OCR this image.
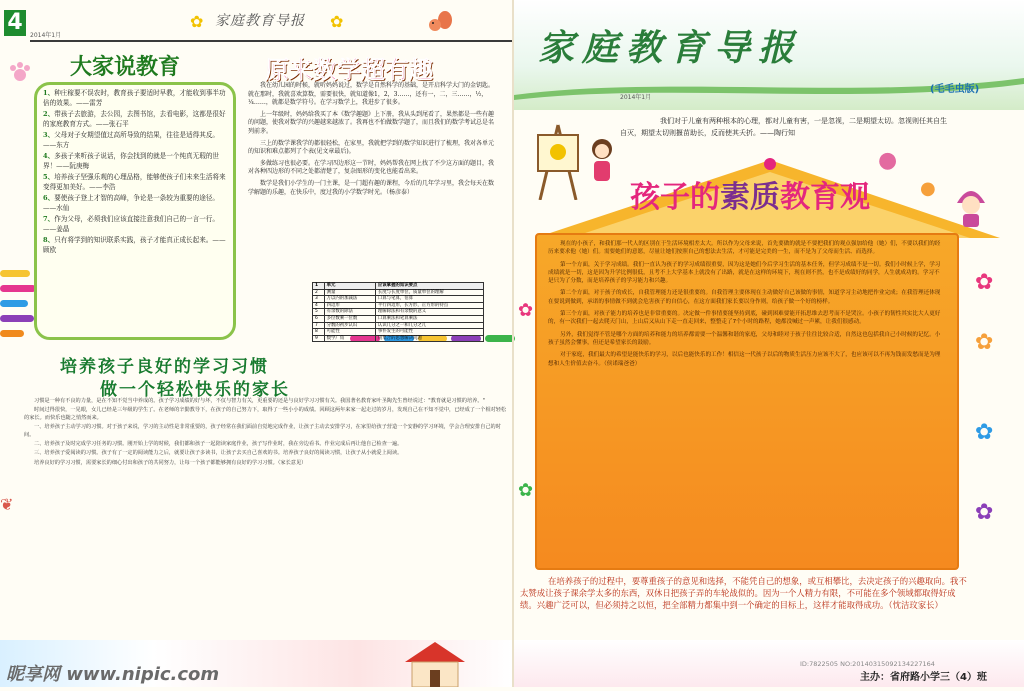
4
2014年1月
✿ 家庭教育导报 ✿
大家说教育
1、种庄稼要不误农时，教育孩子要适时早教，才能收到事半功倍的效果。——雷芳
2、带孩子去旅游，去公园，去图书馆，去看电影，这都是很好的家庭教育方式。——张石平
3、父母对子女期望值过高所导致的结果，往往是适得其反。——东方
4、多孩子来听孩子说话，你会找到的就是一个纯真无瑕的世界！——阮庚梅
5、培养孩子坚强乐观的心理品格，能够使孩子们未来生活将来变得更加美好。——李浩
6、要使孩子登上才智的高峰，争论是一条较为重要的途径。——水仙
7、作为父母，必须我们应该直接注意我们自己的一言一行。——姜晶
8、只有将学到的知识联系实践，孩子才能真正成长起来。——顾欧
原来数学超有趣

我在幼儿园的时候，就听妈妈说过，数学是自然科学的基础，是开启科学大门的金钥匙。就在那时，我就喜欢算数，需要很快，就知道像1，2，3……，还有一，二，三……，½，¼……，就都是数学符号。在学习数学上，我进步了很多。

上一年级时，妈妈给我买了本《数学趣题》上下册，我从头到尾看了，果然都是一些有趣的问题，使我对数学的兴趣越来越浓了。我再也不怕做数学题了，而且我们的数学考试总是名列前茅。

三上的数学课我学的都很轻松，在家里，我就把学到的数学知识进行了梳理，我对各单元的知识和难点都列了个表(见文章最后)。

多做练习也很必要。在学习四边形这一节时，妈妈帮我在网上找了不少这方面的题目，我对各种四边形的不同之处都清楚了，复杂图形的变化也能看出来。

数学是我们小学生的一门主课，是一门超有趣的课程，今后的几年学习里，我会每天在数学解题的乐趣，在快乐中，度过我的小学数学时光。（杨彦泰）

1	单元	应该掌握的知识要点
2	测量	长度与长度单位，质量单位的理解
3	万以内的加减法	口算与笔算，估算
4	四边形	平行四边形，长方形，正方形的特点
5	有余数的除法	理解除法和有余数的意义
6	多位数乘一位数	口算乘法和笔算乘法
7	分数的初步认识	认识几分之一和几分之几
8	可能性	事件发生的可能性
9	数学广角	用集合的思想解决问题
培养孩子良好的学习习惯
做一个轻松快乐的家长

习惯是一种有不良的力量，是在不知不觉当中养成的。孩子学习成绩的好与坏，不仅与智力有关，更重要的还是与良好学习习惯有关。我国著名教育家叶圣陶先生曾经说过："教育就是习惯的培养。"

时间过得很快，一晃眼，女儿已经是三年级的学生了。在老师的辛勤教导下，在孩子的自己努力下，取得了一些小小的成绩。回顾这两年来家一起走过的岁月，发现自己在不知不觉中，已经成了一个相对轻松的家长。而快乐也随之悄然而来。

一、培养孩子主动学习的习惯。对于孩子来说，学习的主动性是非常重要的，孩子经常在我们面前自觉地完成作业，让孩子主动去安排学习，在家里给孩子营造一个安静的学习环境，学会合理安排自己的时间。

二、培养孩子及时完成学习任务的习惯。刚开始上学的时候，我们都和孩子一起陪读家庭作业，孩子写作业时，我在旁边看书。作业完成后再让他自己检查一遍。

三、培养孩子爱阅读的习惯。孩子有了一定的阅读能力之后，就要让孩子多读书，让孩子去买自己喜欢的书。培养孩子良好的阅读习惯，让孩子从小就爱上阅读。

培养良好的学习习惯，需要家长的细心付出和孩子的共同努力，让每一个孩子都能够拥有良好的学习习惯。（家长意见）

❦
昵享网 www.nipic.com
家庭教育导报
2014年1月
(毛毛虫版)
我们对于儿童有两种根本的心理，都对儿童有害，一是忽视，二是期望太切。忽视则任其自生自灭，期望太切则揠苗助长，反而使其夭折。——陶行知
●
●
孩子的素质教育观

现在的小孩子，和我们那一代人的区别在于生活环境相差太大。所以作为父母来说，首先要做的就是不要把我们的观点强加给他（她）们，不要以我们的经历来要求他（她）们。需要她们的意愿，尽量让她们按照自己的想法去生活，才可能是完美的一生，而不是为了父母而生活、而选择。

第一个方面，关于学习成绩。我们一直认为孩子的学习成绩很重要，因为这是她们今后学习生活的基本任务，但学习成绩不是一切。我们小时候上学，学习成绩就是一切，这是因为升学比例很低，且考不上大学基本上就没有了出路，就是在这样的环境下，现在则不然，也不是成绩好的同学，人生就成功的。学习不是只为了分数，而是培养孩子的学习能力和兴趣。

第二个方面，对于孩子的成长，自我管理能力还是很重要的。自我管理主要体现在主动做好自己该做的事情，知道学习主动地把作业完成；在我管理还体现在要说到做到，承诺的事情做不到就会危害孩子的自信心，在这方面我们家长要以身作则，给孩子做一个好的榜样。

第三个方面，对孩子能力的培养也是非常重要的。决定做一件事情要能坚持到底，碰到困难要能开拓思维去思考而不是哭泣。小孩子的韧性其实比大人更好的，有一次我们一起去爬天门山，上山后又从山下走一直走回来，整整走了7个小时的路程，她都没喊过一声累，让我们很感动。

另外，我们觉得不管是哪个方面的培养和能力的培养都需要一个温馨和谐的家庭，父母和睦对于孩子往往比较合适，自然这也包括我自己小时候的记忆。小孩子虽然会懂事，但还是希望家长的鼓励。

对于家庭，我们最大的希望是能快乐的学习，以后也能快乐的工作！相信这一代孩子以后的物质生活压力应该不大了，也应该可以不再为钱而发愁而是为理想和人生价值去奋斗。（侯诺瑞爸爸）

✿
✿
✿
✿
✿
✿
在培养孩子的过程中，要尊重孩子的意见和选择，不能凭自己的想象，或互相攀比，去决定孩子的兴趣取向。我不太赞成让孩子课余学太多的东西，双休日把孩子弄的车轮战似的。因为一个人精力有限，不可能在多个领域都取得好成绩。兴趣广泛可以，但必须持之以恒，把全部精力都集中到一个确定的目标上，这样才能取得成功。（忱洁玟家长）
ID:7822505 NO:20140315092134227164
主办：省府路小学三（4）班
